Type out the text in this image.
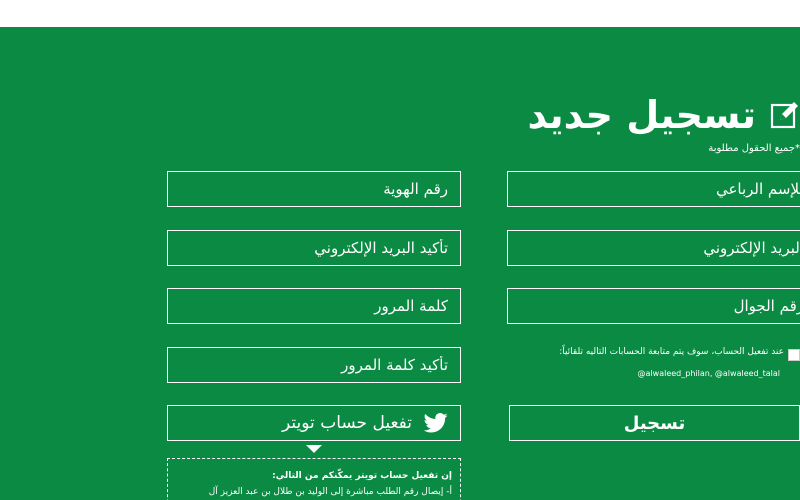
تسجيل جديد
*جميع الحقول مطلوبة
للإسم الرباعي
رقم الهوية
البريد الإلكتروني
تأكيد البريد الإلكتروني
رقم الجوال
عند تفعيل الحساب، سوف يتم متابعة الحسابات التاليه تلقائياً:
@alwaleed_philan, @alwaleed_talal
تسجيل
تفعيل حساب تويتر
إن تفعيل حساب تويتر يمكّنكم من التالي:
أ- إيصال رقم الطلب مباشرة إلى الوليد بن طلال بن عبد العزيز آل
